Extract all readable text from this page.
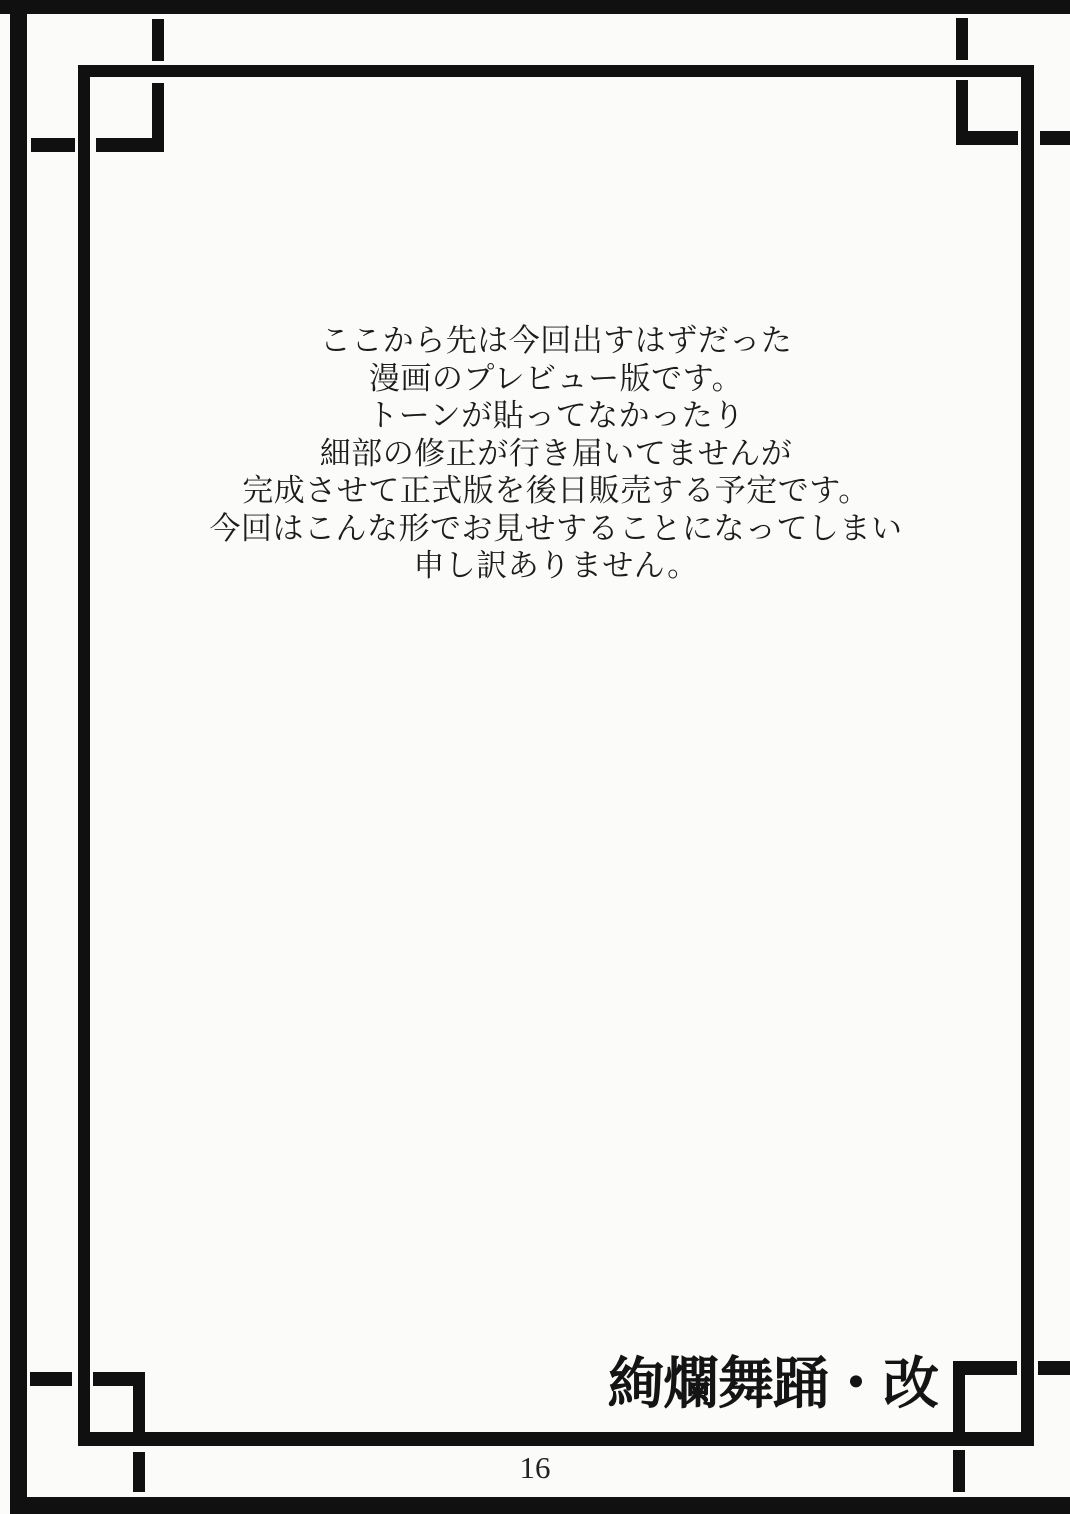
ここから先は今回出すはずだった
漫画のプレビュー版です。
トーンが貼ってなかったり
細部の修正が行き届いてませんが
完成させて正式版を後日販売する予定です。
今回はこんな形でお見せすることになってしまい
申し訳ありません。
絢爛舞踊・改
16
